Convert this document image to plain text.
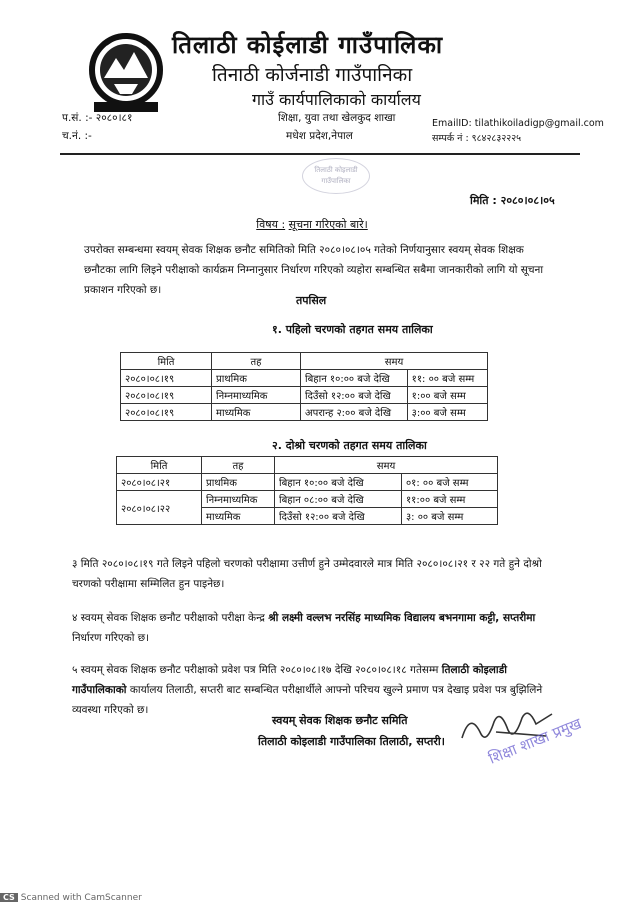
तिलाठी कोईलाडी गाउँपालिका
तिनाठी कोर्जनाडी गाउँपानिका
गाउँ कार्यपालिकाको कार्यालय
प.सं. :- २०८०।८१
च.नं. :-
शिक्षा, युवा तथा खेलकुद शाखा
मधेश प्रदेश,नेपाल
EmailID: tilathikoiladigp@gmail.com
सम्पर्क नं : ९८४२८३२२२५
तिलाठी कोइलाडी गाउँपालिका
मिति : २०८०।०८।०५
विषय : सूचना गरिएको बारे।
उपरोक्त सम्बन्धमा स्वयम् सेवक शिक्षक छनौट समितिको मिति २०८०।०८।०५ गतेको निर्णयानुसार स्वयम् सेवक शिक्षक छनौटका लागि लिइने परीक्षाको कार्यक्रम निम्नानुसार निर्धारण गरिएको व्यहोरा सम्बन्धित सबैमा जानकारीको लागि यो सूचना प्रकाशन गरिएको छ।
तपसिल
१. पहिलो चरणको तहगत समय तालिका
मिति	तह	समय	
२०८०।०८।१९	प्राथमिक	बिहान १०:०० बजे देखि	११: ०० बजे सम्म
२०८०।०८।१९	निम्नमाध्यमिक	दिउँसो १२:०० बजे देखि	१:०० बजे सम्म
२०८०।०८।१९	माध्यमिक	अपरान्ह २:०० बजे देखि	३:०० बजे सम्म
२. दोश्रो चरणको तहगत समय तालिका
मिति	तह	समय	
२०८०।०८।२१	प्राथमिक	बिहान १०:०० बजे देखि	०१: ०० बजे सम्म
२०८०।०८।२२	निम्नमाध्यमिक	बिहान ०८:०० बजे देखि	११:०० बजे सम्म
	माध्यमिक	दिउँसो १२:०० बजे देखि	३: ०० बजे सम्म
३ मिति २०८०।०८।१९ गते लिइने पहिलो चरणको परीक्षामा उत्तीर्ण हुने उम्मेदवारले मात्र मिति २०८०।०८।२१ र २२ गते हुने दोश्रो चरणको परीक्षामा सम्मिलित हुन पाइनेछ।
४ स्वयम् सेवक शिक्षक छनौट परीक्षाको परीक्षा केन्द्र श्री लक्ष्मी वल्लभ नरसिंह माध्यमिक विद्यालय बभनगामा कट्टी, सप्तरीमा निर्धारण गरिएको छ।
५ स्वयम् सेवक शिक्षक छनौट परीक्षाको प्रवेश पत्र मिति २०८०।०८।१७ देखि २०८०।०८।१८ गतेसम्म तिलाठी कोइलाडी गाउँपालिकाको कार्यालय तिलाठी, सप्तरी बाट सम्बन्धित परीक्षार्थीले आफ्नो परिचय खुल्ने प्रमाण पत्र देखाइ प्रवेश पत्र बुझिलिने व्यवस्था गरिएको छ।
स्वयम् सेवक शिक्षक छनौट समिति
तिलाठी कोइलाडी गाउँपालिका तिलाठी, सप्तरी।	शिक्षा शाखा प्रमुख
CS Scanned with CamScanner
